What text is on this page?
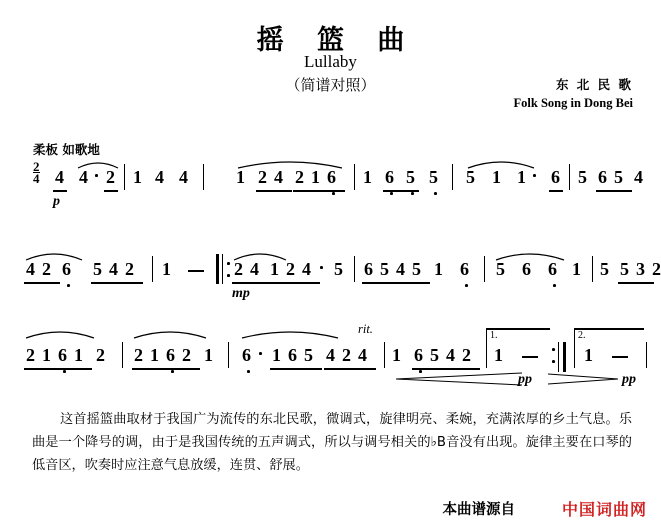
摇 篮 曲
Lullaby
（简谱对照）	东 北 民 歌
Folk Song in Dong Bei
柔板 如歌地
$\frac{2}{4} 4$ 4 2 1 4 4
p
1 2 4 2 1 6 1 6 5 5 5 1 1 6 5 6 5 4
4 2 6 5 4 2 1	2 4 1 2 4 5
mp
6 5 4 5 1 6 5 6 6 1 5 5 3 2
2 1 6 1 2 2 1 6 2 1 6 1 6 5 4 2 4
rit.
1 6 5 4 2
1.
1
2.
1
pp	pp
这首摇篮曲取材于我国广为流传的东北民歌，微调式，旋律明亮、柔婉，充满浓厚的乡土气息。乐曲是一个降号的调，由于是我国传统的五声调式，所以与调号相关的♭B音没有出现。旋律主要在口琴的低音区，吹奏时应注意气息放缓，连贯、舒展。
本曲谱源自	中国词曲网
